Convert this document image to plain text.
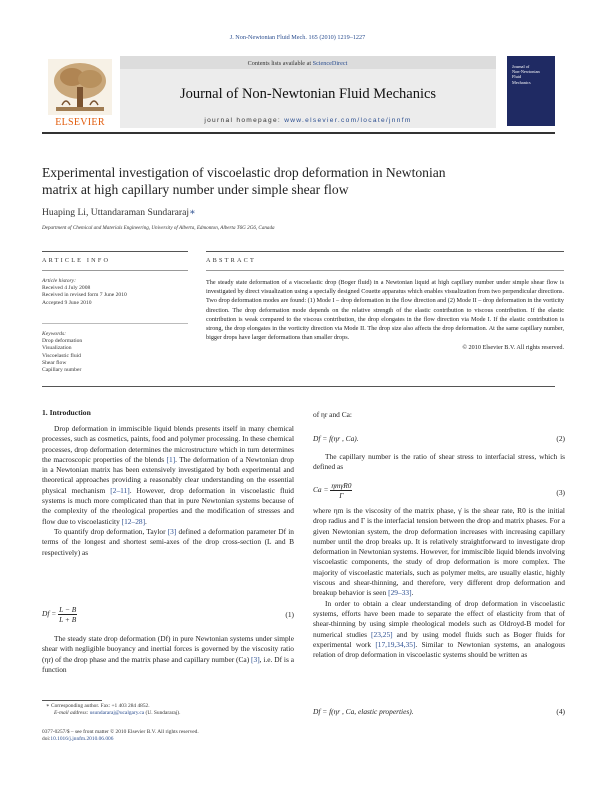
J. Non-Newtonian Fluid Mech. 165 (2010) 1219–1227
Contents lists available at ScienceDirect
Journal of Non-Newtonian Fluid Mechanics
journal homepage: www.elsevier.com/locate/jnnfm
ELSEVIER
Journal of
Non-Newtonian
Fluid
Mechanics
Experimental investigation of viscoelastic drop deformation in Newtonian
matrix at high capillary number under simple shear flow
Huaping Li, Uttandaraman Sundararaj∗
Department of Chemical and Materials Engineering, University of Alberta, Edmonton, Alberta T6G 2G6, Canada
ARTICLE INFO	ABSTRACT
Article history:
Received 4 July 2008
Received in revised form 7 June 2010
Accepted 9 June 2010
Keywords:
Drop deformation
Visualization
Viscoelastic fluid
Shear flow
Capillary number
The steady state deformation of a viscoelastic drop (Boger fluid) in a Newtonian liquid at high capillary number under simple shear flow is investigated by direct visualization using a specially designed Couette apparatus which enables visualization from two perpendicular directions. Two drop deformation modes are found: (1) Mode I – drop deformation in the flow direction and (2) Mode II – drop deformation in the vorticity direction. The drop deformation mode depends on the relative strength of the elastic contribution to viscous contribution. If the elastic contribution is weak compared to the viscous contribution, the drop elongates in the flow direction via Mode I. If the elastic contribution is strong, the drop elongates in the vorticity direction via Mode II. The drop size also affects the drop deformation. At the same capillary number, bigger drops have larger deformations than smaller drops.
© 2010 Elsevier B.V. All rights reserved.
1. Introduction

Drop deformation in immiscible liquid blends presents itself in many chemical processes, such as cosmetics, paints, food and polymer processing. In these chemical processes, drop deformation determines the microstructure which in turn determines the macroscopic properties of the blends [1]. The deformation of a Newtonian drop in a Newtonian matrix has been extensively investigated by both experimental and theoretical approaches providing a reasonably clear understanding on the essential physical mechanism [2–11]. However, drop deformation in viscoelastic fluid systems is much more complicated than that in pure Newtonian systems because of the complexity of the rheological properties and the modification of stresses and flow due to viscoelasticity [12–28].

To quantify drop deformation, Taylor [3] defined a deformation parameter Df in terms of the longest and shortest semi-axes of the drop cross-section (L and B respectively) as

$Df = \frac{L - B}{L + B}$	(1)

The steady state drop deformation (Df) in pure Newtonian systems under simple shear with negligible buoyancy and inertial forces is governed by the viscosity ratio (ηr) of the drop phase and the matrix phase and capillary number (Ca) [3], i.e. Df is a function

∗ Corresponding author. Fax: +1 403 284 4852.
E-mail address: usundararaj@ucalgary.ca (U. Sundararaj).
0377-0257/$ – see front matter © 2010 Elsevier B.V. All rights reserved.
doi:10.1016/j.jnnfm.2010.06.006

of ηr and Ca:

Df = f(ηr , Ca).	(2)

The capillary number is the ratio of shear stress to interfacial stress, which is defined as

$Ca = \frac{\text{ηmγ̇R0}}{\Gamma}$	(3)

where ηm is the viscosity of the matrix phase, γ̇ is the shear rate, R0 is the initial drop radius and Γ is the interfacial tension between the drop and matrix phases. For a given Newtonian system, the drop deformation increases with increasing capillary number until the drop breaks up. It is relatively straightforward to investigate drop deformation in Newtonian systems. However, for immiscible liquid blends involving viscoelastic components, the study of drop deformation is more complex. The majority of viscoelastic materials, such as polymer melts, are usually elastic, highly viscous and shear-thinning, and therefore, very different drop deformation and breakup behavior is seen [29–33].

In order to obtain a clear understanding of drop deformation in viscoelastic systems, efforts have been made to separate the effect of elasticity from that of shear-thinning by using simple rheological models such as Oldroyd-B model for numerical studies [23,25] and by using model fluids such as Boger fluids for experimental work [17,19,34,35]. Similar to Newtonian systems, an analogous relation of drop deformation in viscoelastic systems should be written as

Df = f(ηr , Ca, elastic properties).	(4)
